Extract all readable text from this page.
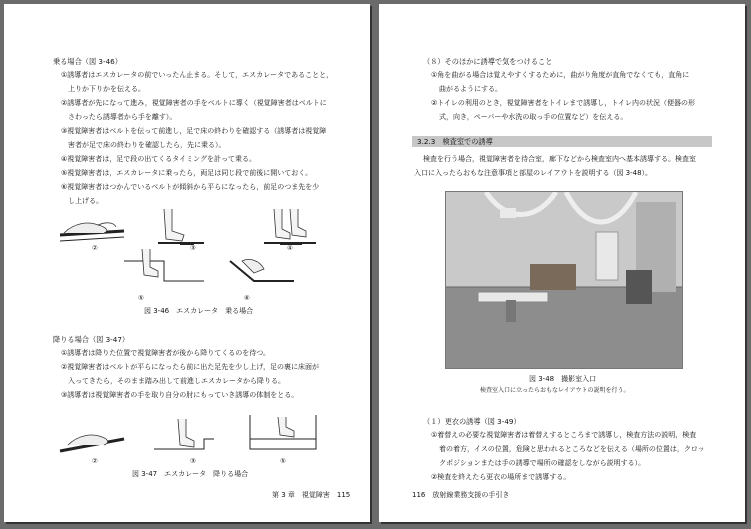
乗る場合（図 3-46）
①誘導者はエスカレータの前でいったん止まる。そして，エスカレータであることと，
上りか下りかを伝える。
②誘導者が先になって進み，視覚障害者の手をベルトに導く（視覚障害者はベルトに
さわったら誘導者から手を離す）。
③視覚障害者はベルトを伝って前進し，足で床の終わりを確認する（誘導者は視覚障
害者が足で床の終わりを確認したら，先に乗る）。
④視覚障害者は，足で段の出てくるタイミングを計って乗る。
⑤視覚障害者は，エスカレータに乗ったら，両足は同じ段で前後に開いておく。
⑥視覚障害者はつかんでいるベルトが傾斜から平らになったら，前足のつま先を少
し上げる。
②	③	④
⑤	⑥
図 3-46　エスカレータ　乗る場合
降りる場合（図 3-47）
①誘導者は降りた位置で視覚障害者が後から降りてくるのを待つ。
②視覚障害者はベルトが平らになったら前に出た足先を少し上げ，足の裏に床面が
入ってきたら，そのまま踏み出して前進しエスカレータから降りる。
③誘導者は視覚障害者の手を取り自分の肘にもっていき誘導の体制をとる。
②	③	⑤
図 3-47　エスカレータ　降りる場合
第 3 章　視覚障害　115
（８）そのほかに誘導で気をつけること
①角を曲がる場合は覚えやすくするために，曲がり角度が直角でなくても，直角に
曲がるようにする。
②トイレの利用のとき，視覚障害者をトイレまで誘導し，トイレ内の状況（便器の形
式，向き，ペーパーや水洗の取っ手の位置など）を伝える。
3.2.3　検査室での誘導
検査を行う場合，視覚障害者を待合室，廊下などから検査室内へ基本誘導する。検査室
入口に入ったらおもな注意事項と部屋のレイアウトを説明する（図 3-48）。
図 3-48　撮影室入口
検査室入口に立ったらおもなレイアウトの説明を行う。
（１）更衣の誘導（図 3-49）
①着替えの必要な視覚障害者は着替えするところまで誘導し，検査方法の説明，検査
着の着方，イスの位置，危険と思われるところなどを伝える（場所の位置は，クロッ
クポジションまたは手の誘導で場所の確認をしながら説明する）。
②検査を終えたら更衣の場所まで誘導する。
116　放射線業務支援の手引き
